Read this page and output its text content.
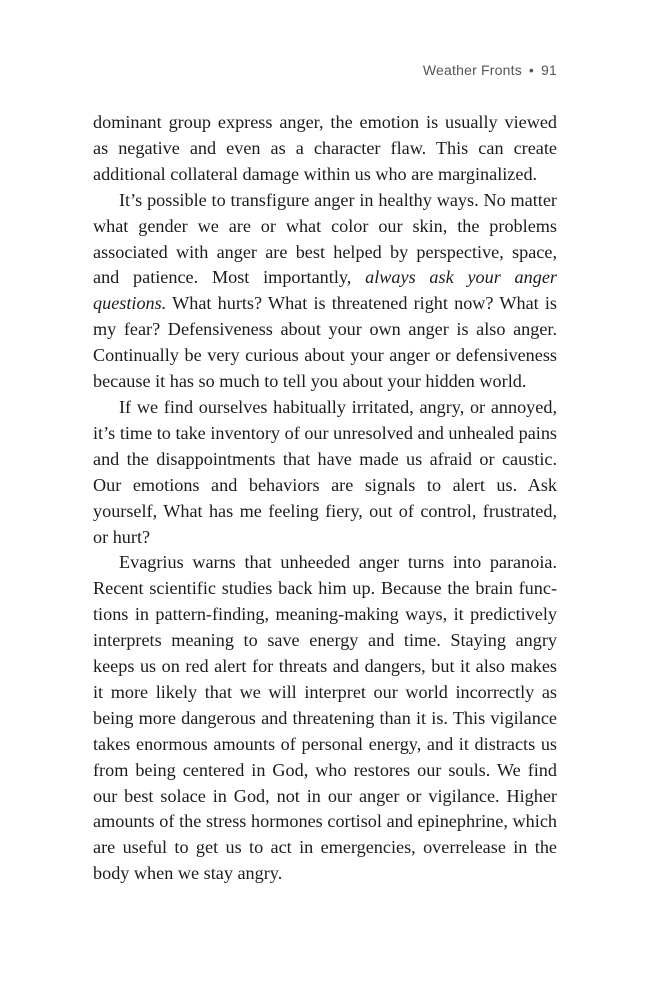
Weather Fronts • 91

dominant group express anger, the emotion is usually viewed as negative and even as a character flaw. This can create additional collateral damage within us who are marginalized.

It’s possible to transfigure anger in healthy ways. No matter what gender we are or what color our skin, the problems associated with anger are best helped by perspective, space, and patience. Most importantly, always ask your anger questions. What hurts? What is threatened right now? What is my fear? Defensiveness about your own anger is also anger. Continually be very curious about your anger or defensiveness because it has so much to tell you about your hidden world.

If we find ourselves habitually irritated, angry, or annoyed, it’s time to take inventory of our unresolved and unhealed pains and the disappointments that have made us afraid or caustic. Our emotions and behaviors are signals to alert us. Ask yourself, What has me feeling fiery, out of control, frustrated, or hurt?

Evagrius warns that unheeded anger turns into paranoia. Recent scientific studies back him up. Because the brain functions in pattern-finding, meaning-making ways, it predictively interprets meaning to save energy and time. Staying angry keeps us on red alert for threats and dangers, but it also makes it more likely that we will interpret our world incorrectly as being more dangerous and threatening than it is. This vigilance takes enormous amounts of personal energy, and it distracts us from being centered in God, who restores our souls. We find our best solace in God, not in our anger or vigilance. Higher amounts of the stress hormones cortisol and epinephrine, which are useful to get us to act in emergencies, overrelease in the body when we stay angry.
